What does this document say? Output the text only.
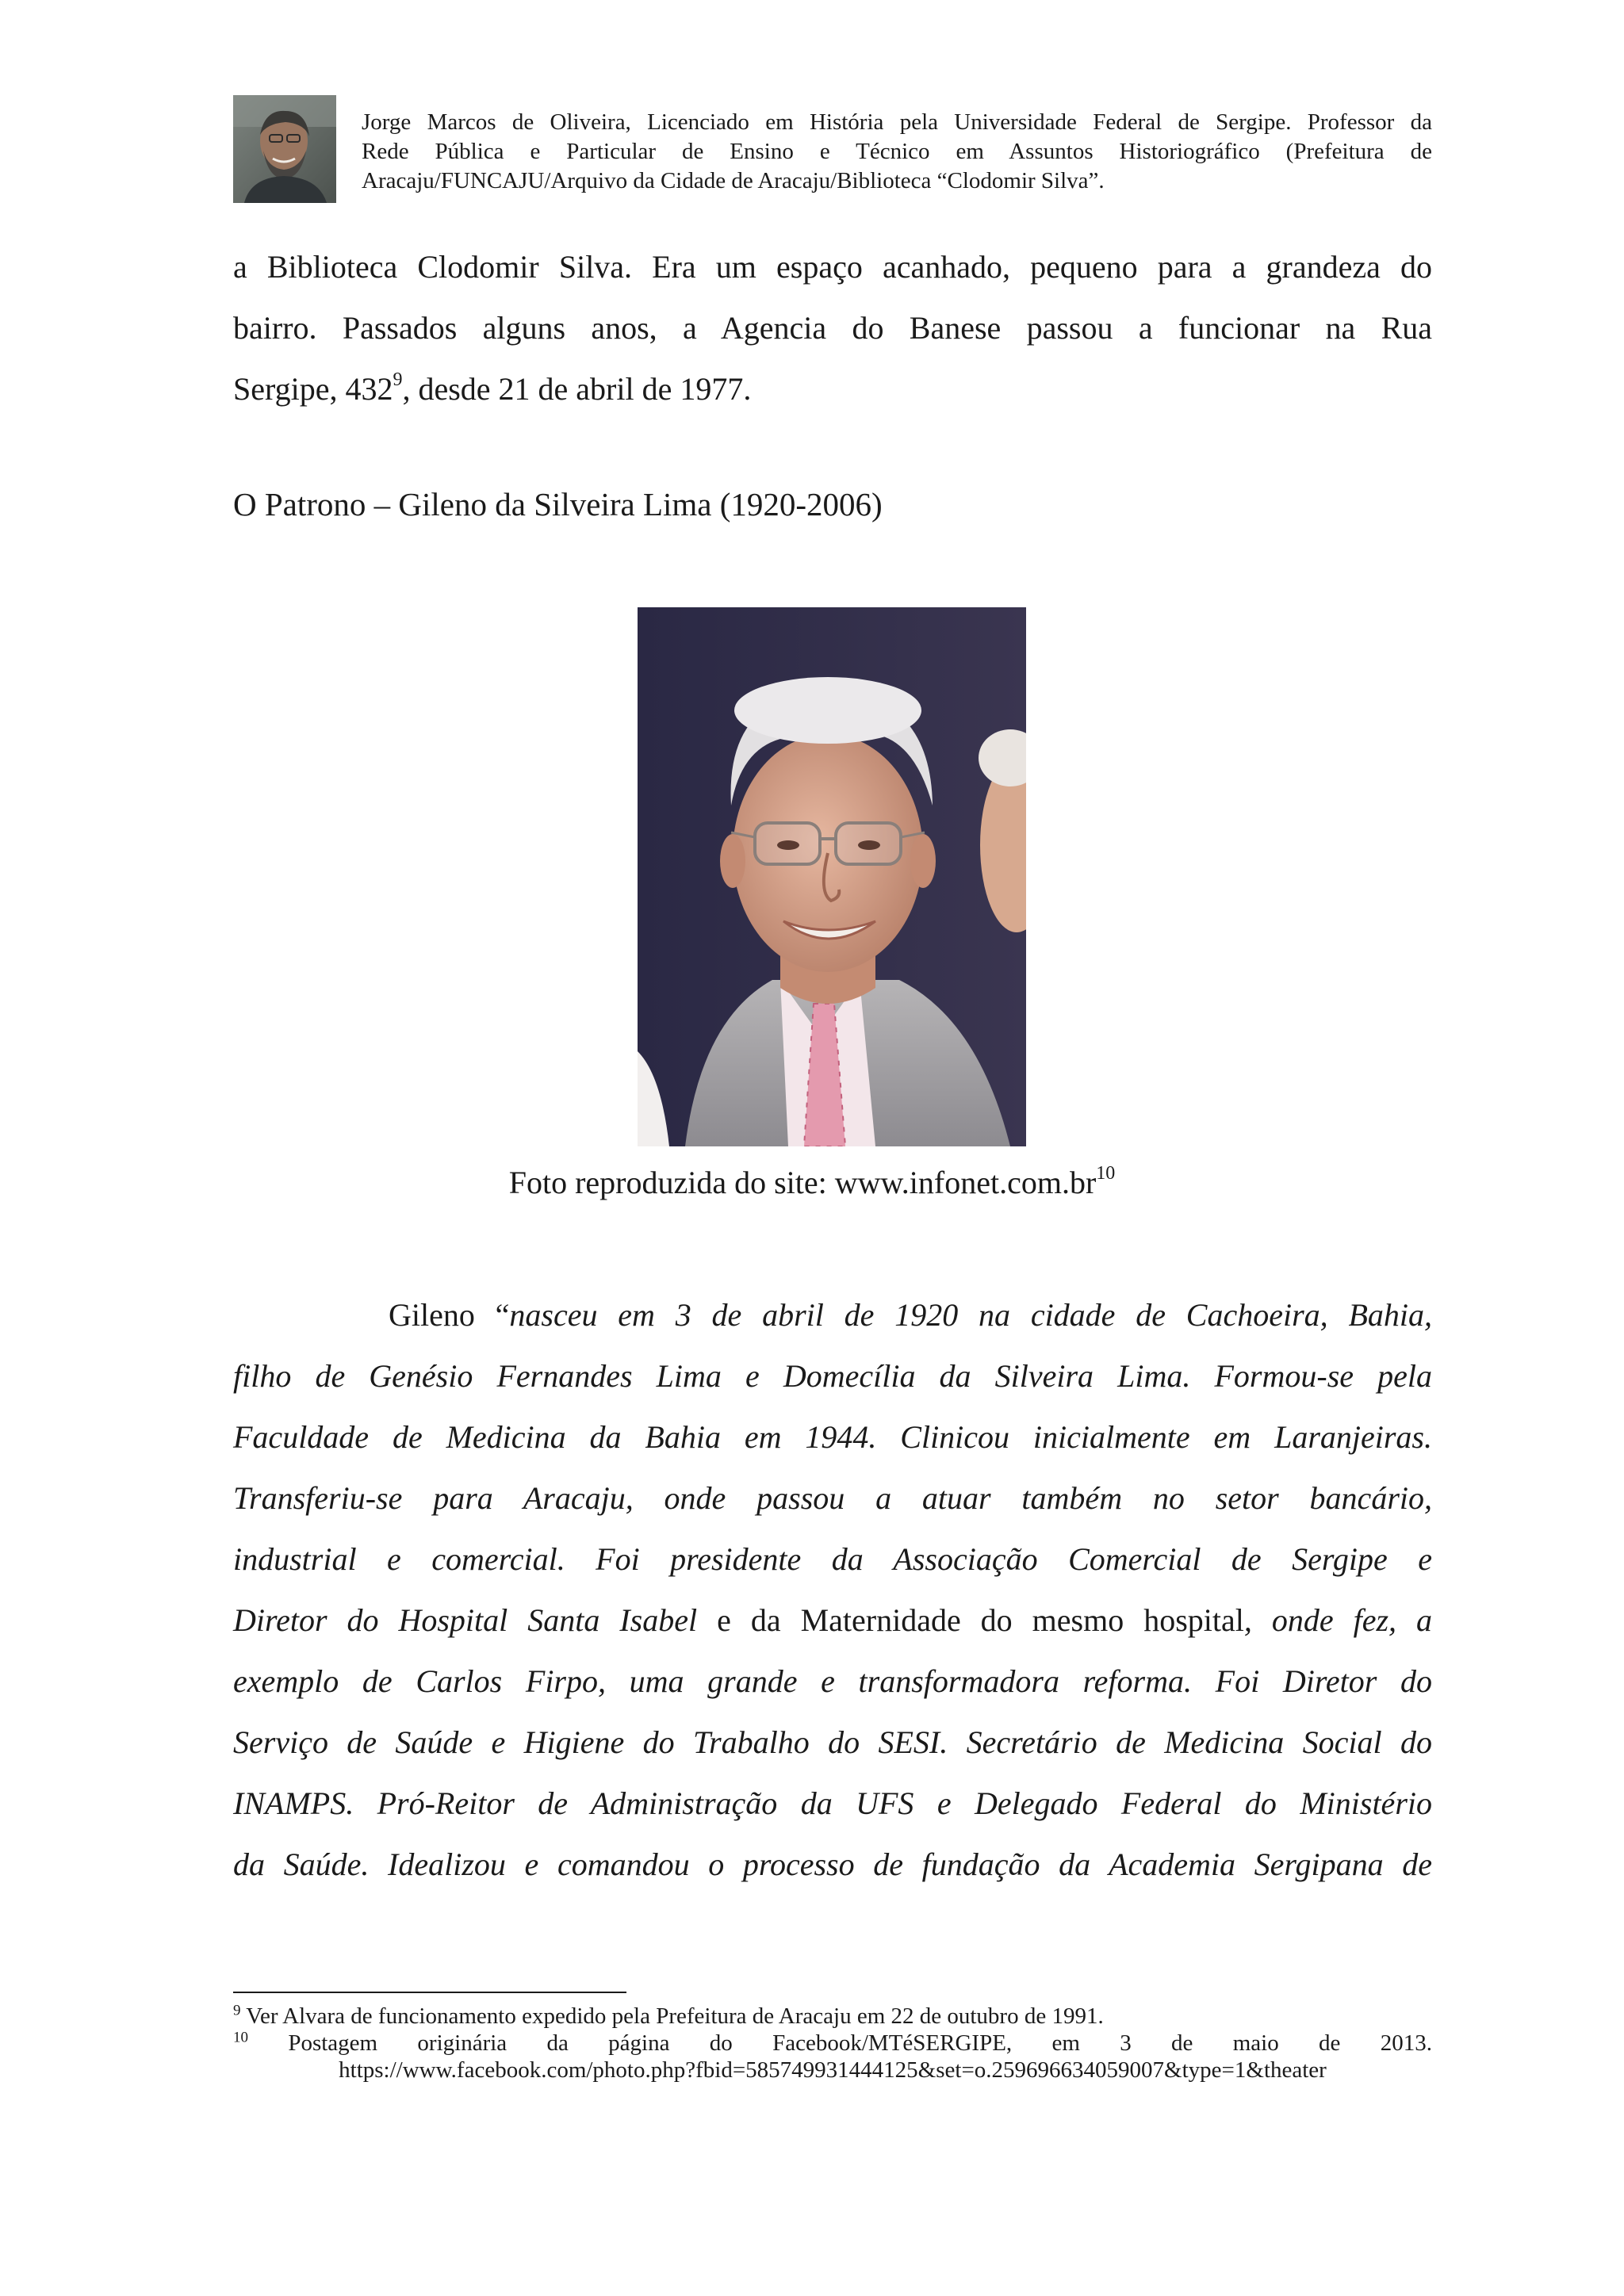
Jorge Marcos de Oliveira, Licenciado em História pela Universidade Federal de Sergipe. Professor da
Rede Pública e Particular de Ensino e Técnico em Assuntos Historiográfico (Prefeitura de
Aracaju/FUNCAJU/Arquivo da Cidade de Aracaju/Biblioteca “Clodomir Silva”.
a Biblioteca Clodomir Silva. Era um espaço acanhado, pequeno para a grandeza do
bairro. Passados alguns anos, a Agencia do Banese passou a funcionar na Rua
Sergipe, $432^9$, desde 21 de abril de 1977.
O Patrono – Gileno da Silveira Lima (1920-2006)
Foto reproduzida do site: $www.infonet.com.br^{10}$
Gileno “nasceu em 3 de abril de 1920 na cidade de Cachoeira, Bahia,
filho de Genésio Fernandes Lima e Domecília da Silveira Lima. Formou-se pela
Faculdade de Medicina da Bahia em 1944. Clinicou inicialmente em Laranjeiras.
Transferiu-se para Aracaju, onde passou a atuar também no setor bancário,
industrial e comercial. Foi presidente da Associação Comercial de Sergipe e
Diretor do Hospital Santa Isabel e da Maternidade do mesmo hospital, onde fez, a
exemplo de Carlos Firpo, uma grande e transformadora reforma. Foi Diretor do
Serviço de Saúde e Higiene do Trabalho do SESI. Secretário de Medicina Social do
INAMPS. Pró-Reitor de Administração da UFS e Delegado Federal do Ministério
da Saúde. Idealizou e comandou o processo de fundação da Academia Sergipana de
$^9$ Ver Alvara de funcionamento expedido pela Prefeitura de Aracaju em 22 de outubro de 1991.
$^{10}$ Postagem originária da página do Facebook/MTéSERGIPE, em 3 de maio de 2013.
https://www.facebook.com/photo.php?fbid=585749931444125&set=o.259696634059007&type=1&theater
